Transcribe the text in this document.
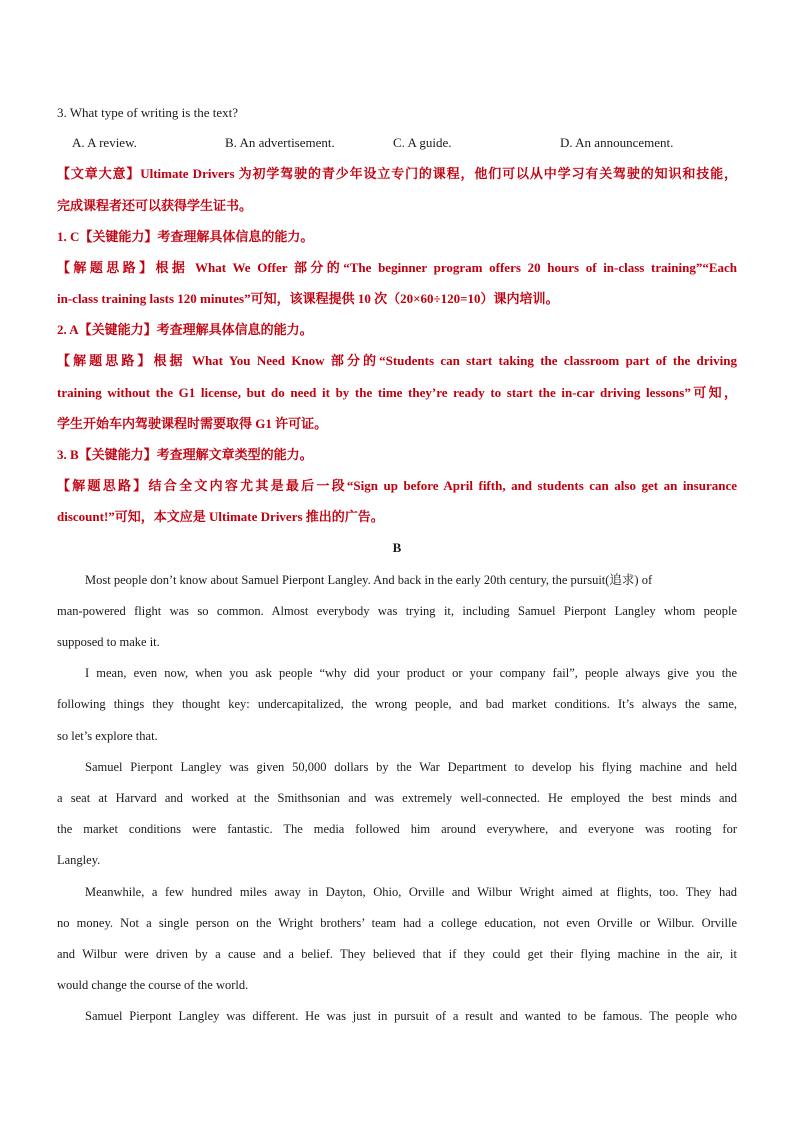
3. What type of writing is the text?
A. A review.	B. An advertisement.	C. A guide.	D. An announcement.
【文章大意】Ultimate Drivers 为初学驾驶的青少年设立专门的课程，他们可以从中学习有关驾驶的知识和技能，
完成课程者还可以获得学生证书。
1. C【关键能力】考查理解具体信息的能力。
【解题思路】根据 What We Offer 部分的“The beginner program offers 20 hours of in-class training”“Each
in-class training lasts 120 minutes”可知，该课程提供 10 次（20×60÷120=10）课内培训。
2. A【关键能力】考查理解具体信息的能力。
【解题思路】根据 What You Need Know 部分的“Students can start taking the classroom part of the driving
training without the G1 license, but do need it by the time they’re ready to start the in-car driving lessons”可知，
学生开始车内驾驶课程时需要取得 G1 许可证。
3. B【关键能力】考查理解文章类型的能力。
【解题思路】结合全文内容尤其是最后一段“Sign up before April fifth, and students can also get an insurance
discount!”可知，本文应是 Ultimate Drivers 推出的广告。
B
Most people don’t know about Samuel Pierpont Langley. And back in the early 20th century, the pursuit(追求) of
man-powered flight was so common. Almost everybody was trying it, including Samuel Pierpont Langley whom people
supposed to make it.
I mean, even now, when you ask people “why did your product or your company fail”, people always give you the
following things they thought key: undercapitalized, the wrong people, and bad market conditions. It’s always the same,
so let’s explore that.
Samuel Pierpont Langley was given 50,000 dollars by the War Department to develop his flying machine and held
a seat at Harvard and worked at the Smithsonian and was extremely well-connected. He employed the best minds and
the market conditions were fantastic. The media followed him around everywhere, and everyone was rooting for
Langley.
Meanwhile, a few hundred miles away in Dayton, Ohio, Orville and Wilbur Wright aimed at flights, too. They had
no money. Not a single person on the Wright brothers’ team had a college education, not even Orville or Wilbur. Orville
and Wilbur were driven by a cause and a belief. They believed that if they could get their flying machine in the air, it
would change the course of the world.
Samuel Pierpont Langley was different. He was just in pursuit of a result and wanted to be famous. The people who
